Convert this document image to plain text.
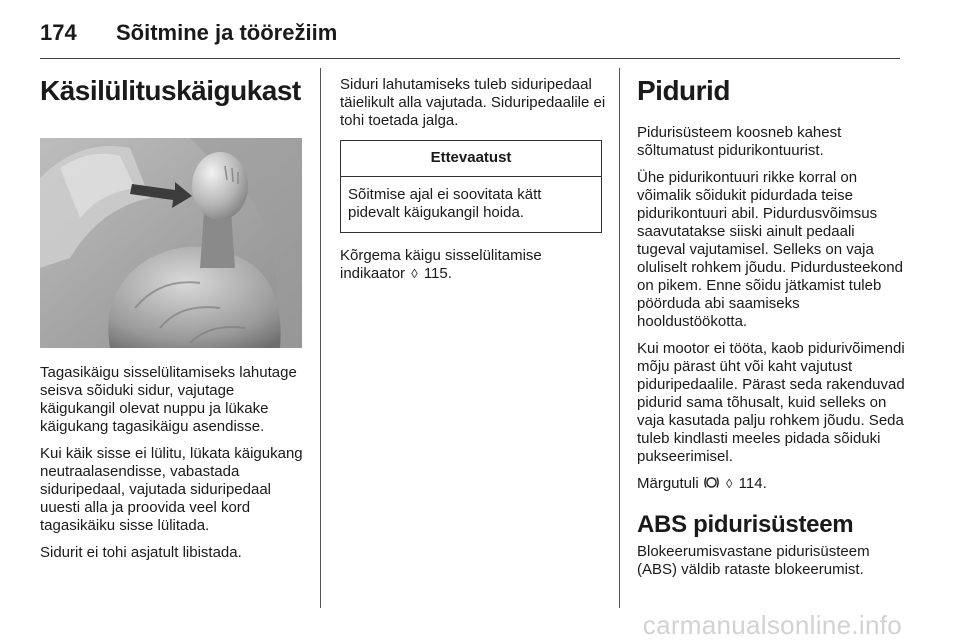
174	Sõitmine ja töörežiim
Käsilülituskäigukast

Tagasikäigu sisselülitamiseks lahutage seisva sõiduki sidur, vajutage käigukangil olevat nuppu ja lükake käigukang tagasikäigu asendisse.

Kui käik sisse ei lülitu, lükata käigukang neutraalasendisse, vabastada siduripedaal, vajutada siduripedaal uuesti alla ja proovida veel kord tagasikäiku sisse lülitada.

Sidurit ei tohi asjatult libistada.

Siduri lahutamiseks tuleb siduripedaal täielikult alla vajutada. Siduripedaalile ei tohi toetada jalga.

Ettevaatust
Sõitmise ajal ei soovitata kätt pidevalt käigukangil hoida.

Kõrgema käigu sisselülitamise indikaator ◊ 115.

Pidurid

Pidurisüsteem koosneb kahest sõltumatust pidurikontuurist.

Ühe pidurikontuuri rikke korral on võimalik sõidukit pidurdada teise pidurikontuuri abil. Pidurdusvõimsus saavutatakse siiski ainult pedaali tugeval vajutamisel. Selleks on vaja oluliselt rohkem jõudu. Pidurdusteekond on pikem. Enne sõidu jätkamist tuleb pöörduda abi saamiseks hooldustöökotta.

Kui mootor ei tööta, kaob pidurivõimendi mõju pärast üht või kaht vajutust piduripedaalile. Pärast seda rakenduvad pidurid sama tõhusalt, kuid selleks on vaja kasutada palju rohkem jõudu. Seda tuleb kindlasti meeles pidada sõiduki pukseerimisel.

Märgutuli ◊ 114.

ABS pidurisüsteem

Blokeerumisvastane pidurisüsteem (ABS) väldib rataste blokeerumist.

carmanualsonline.info
